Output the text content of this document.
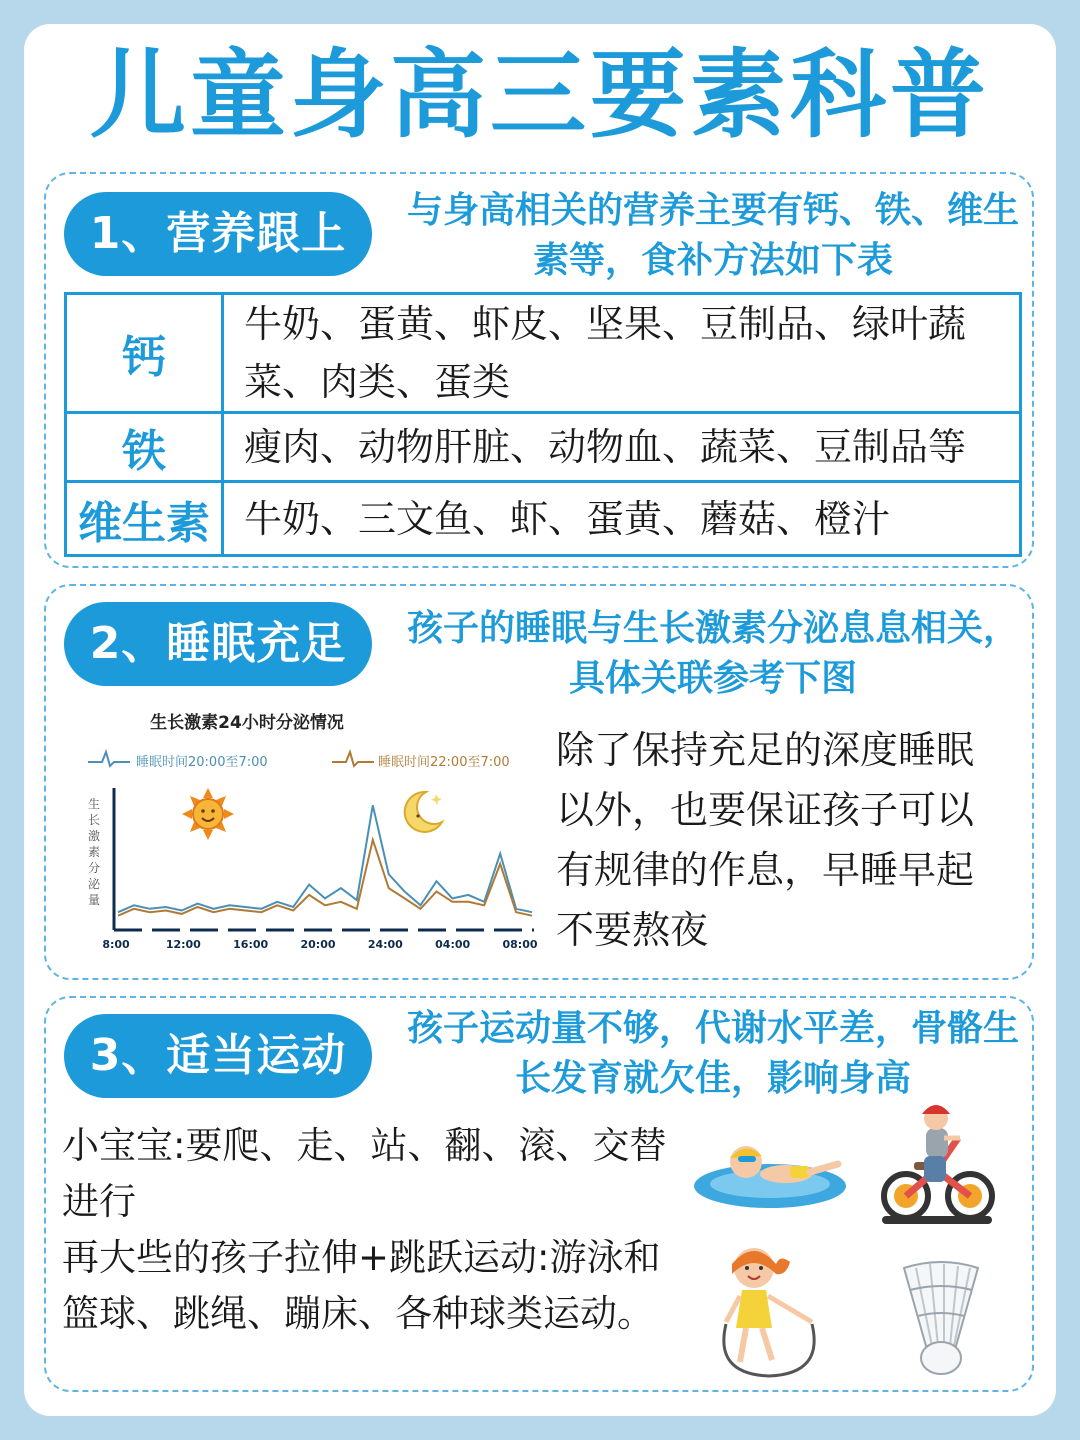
儿童身高三要素科普
1、营养跟上	与身高相关的营养主要有钙、铁、维生素等，食补方法如下表
钙	牛奶、蛋黄、虾皮、坚果、豆制品、绿叶蔬菜、肉类、蛋类
铁	瘦肉、动物肝脏、动物血、蔬菜、豆制品等
维生素	牛奶、三文鱼、虾、蛋黄、蘑菇、橙汁
2、睡眠充足	孩子的睡眠与生长激素分泌息息相关，具体关联参考下图
生长激素24小时分泌情况
睡眠时间20:00至7:00	睡眠时间22:00至7:00
生
长
激
素
分
泌
量
8:00	12:00	16:00	20:00	24:00	04:00	08:00
除了保持充足的深度睡眠以外，也要保证孩子可以有规律的作息，早睡早起不要熬夜
3、适当运动
孩子运动量不够，代谢水平差，骨骼生长发育就欠佳，影响身高
小宝宝:要爬、走、站、翻、滚、交替进行
再大些的孩子拉伸+跳跃运动:游泳和篮球、跳绳、蹦床、各种球类运动。
